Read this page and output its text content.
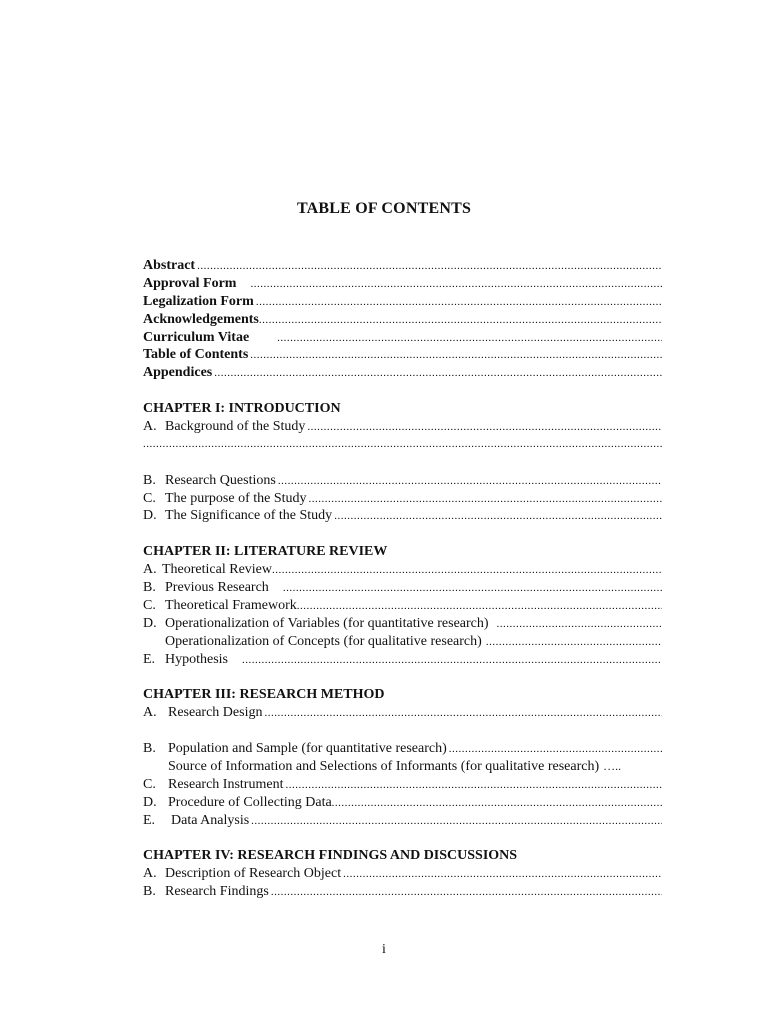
TABLE OF CONTENTS
Abstract
.....
Approval Form
.....
Legalization Form
.....
Acknowledgements
.....
Curriculum Vitae
.....
Table of Contents
.....
Appendices
.....
CHAPTER I: INTRODUCTION
A. Background of the Study
.....
.....
B. Research Questions
.....
C. The purpose of the Study
.....
D. The Significance of the Study
.....
CHAPTER II: LITERATURE REVIEW
A. Theoretical Review
.....
B. Previous Research
.....
C. Theoretical Framework
.....
D. Operationalization of Variables (for quantitative research)
.....
Operationalization of Concepts (for qualitative research)
.....
E. Hypothesis
.....
CHAPTER III: RESEARCH METHOD
A. Research Design
.....
B. Population and Sample (for quantitative research)
.....
Source of Information and Selections of Informants (for qualitative research) …..
C. Research Instrument
.....
D. Procedure of Collecting Data
.....
E. Data Analysis
.....
CHAPTER IV: RESEARCH FINDINGS AND DISCUSSIONS
A. Description of Research Object
.....
B. Research Findings
.....
i
